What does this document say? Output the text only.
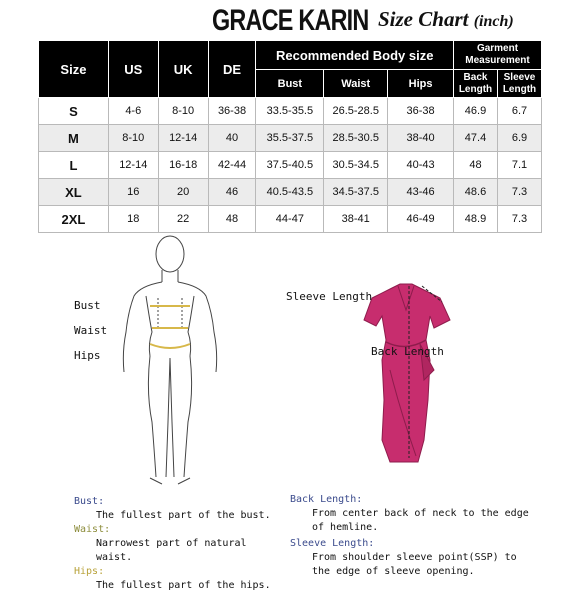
GRACE KARIN Size Chart (inch)
Size	US	UK	DE	Recommended Body size			Garment Measurement	
				Bust	Waist	Hips	Back Length	Sleeve Length
S	4-6	8-10	36-38	33.5-35.5	26.5-28.5	36-38	46.9	6.7
M	8-10	12-14	40	35.5-37.5	28.5-30.5	38-40	47.4	6.9
L	12-14	16-18	42-44	37.5-40.5	30.5-34.5	40-43	48	7.1
XL	16	20	46	40.5-43.5	34.5-37.5	43-46	48.6	7.3
2XL	18	22	48	44-47	38-41	46-49	48.9	7.3
Bust
Waist
Hips
Sleeve Length
Back Length
Bust:
The fullest part of the bust.
Waist:
Narrowest part of natural waist.
Hips:
The fullest part of the hips.
Back Length:
From center back of neck to the edge
of hemline.
Sleeve Length:
From shoulder sleeve point(SSP) to
the edge of sleeve opening.
